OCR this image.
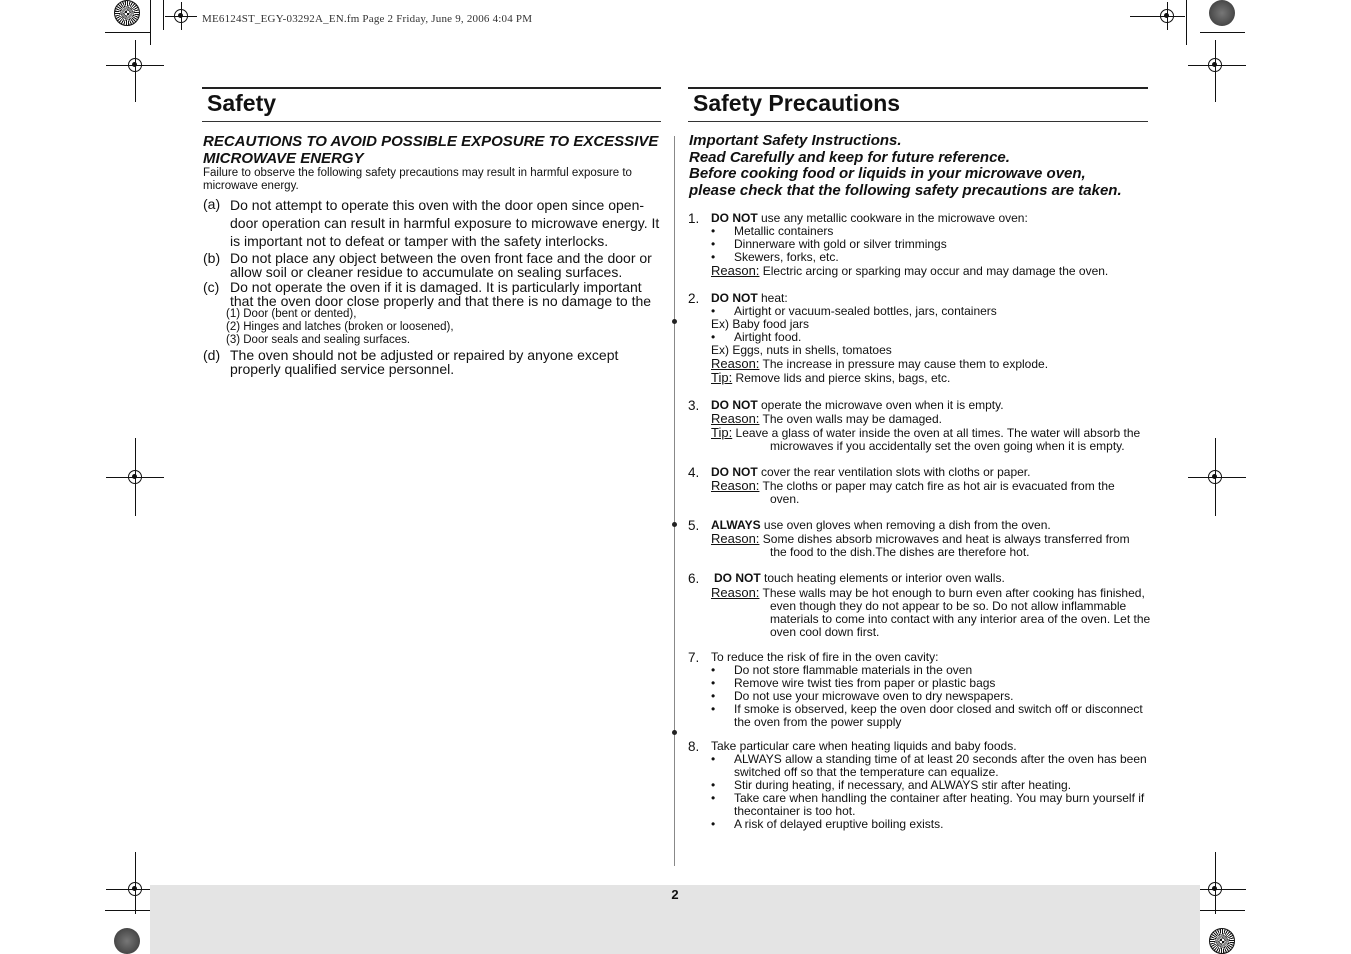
ME6124ST_EGY-03292A_EN.fm Page 2 Friday, June 9, 2006 4:04 PM
2
Safety
RECAUTIONS TO AVOID POSSIBLE EXPOSURE TO EXCESSIVE MICROWAVE ENERGY
Failure to observe the following safety precautions may result in harmful exposure to microwave energy.
(a) Do not attempt to operate this oven with the door open since open-door operation can result in harmful exposure to microwave energy. It is important not to defeat or tamper with the safety interlocks.
(b) Do not place any object between the oven front face and the door or allow soil or cleaner residue to accumulate on sealing surfaces.
(c) Do not operate the oven if it is damaged. It is particularly important that the oven door close properly and that there is no damage to the
(1) Door (bent or dented),
(2) Hinges and latches (broken or loosened),
(3) Door seals and sealing surfaces.
(d) The oven should not be adjusted or repaired by anyone except properly qualified service personnel.
Safety Precautions
Important Safety Instructions.
Read Carefully and keep for future reference.
Before cooking food or liquids in your microwave oven,
please check that the following safety precautions are taken.
1. DO NOT use any metallic cookware in the microwave oven:
• Metallic containers
• Dinnerware with gold or silver trimmings
• Skewers, forks, etc.
Reason: Electric arcing or sparking may occur and may damage the oven.
2. DO NOT heat:
• Airtight or vacuum-sealed bottles, jars, containers
Ex) Baby food jars
• Airtight food.
Ex) Eggs, nuts in shells, tomatoes
Reason: The increase in pressure may cause them to explode.
Tip: Remove lids and pierce skins, bags, etc.
3. DO NOT operate the microwave oven when it is empty.
Reason: The oven walls may be damaged.
Tip: Leave a glass of water inside the oven at all times. The water will absorb the
microwaves if you accidentally set the oven going when it is empty.
4. DO NOT cover the rear ventilation slots with cloths or paper.
Reason: The cloths or paper may catch fire as hot air is evacuated from the
oven.
5. ALWAYS use oven gloves when removing a dish from the oven.
Reason: Some dishes absorb microwaves and heat is always transferred from
the food to the dish.The dishes are therefore hot.
6. DO NOT touch heating elements or interior oven walls.
Reason: These walls may be hot enough to burn even after cooking has finished,
even though they do not appear to be so. Do not allow inflammable
materials to come into contact with any interior area of the oven. Let the
oven cool down first.
7. To reduce the risk of fire in the oven cavity:
• Do not store flammable materials in the oven
• Remove wire twist ties from paper or plastic bags
• Do not use your microwave oven to dry newspapers.
• If smoke is observed, keep the oven door closed and switch off or disconnect the oven from the power supply
8. Take particular care when heating liquids and baby foods.
• ALWAYS allow a standing time of at least 20 seconds after the oven has been switched off so that the temperature can equalize.
• Stir during heating, if necessary, and ALWAYS stir after heating.
• Take care when handling the container after heating. You may burn yourself if thecontainer is too hot.
• A risk of delayed eruptive boiling exists.
